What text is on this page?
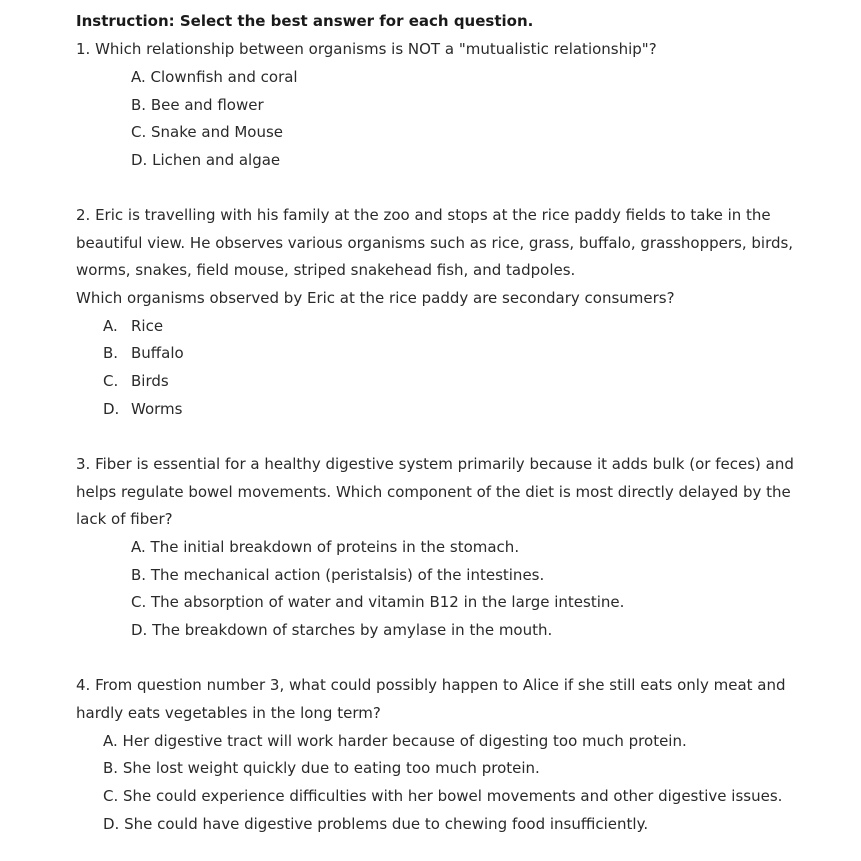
Instruction: Select the best answer for each question.
1. Which relationship between organisms is NOT a "mutualistic relationship"?
A. Clownfish and coral
B. Bee and flower
C. Snake and Mouse
D. Lichen and algae
2. Eric is travelling with his family at the zoo and stops at the rice paddy fields to take in the
beautiful view. He observes various organisms such as rice, grass, buffalo, grasshoppers, birds,
worms, snakes, field mouse, striped snakehead fish, and tadpoles.
Which organisms observed by Eric at the rice paddy are secondary consumers?
A. Rice
B. Buffalo
C. Birds
D. Worms
3. Fiber is essential for a healthy digestive system primarily because it adds bulk (or feces) and
helps regulate bowel movements. Which component of the diet is most directly delayed by the
lack of fiber?
A. The initial breakdown of proteins in the stomach.
B. The mechanical action (peristalsis) of the intestines.
C. The absorption of water and vitamin B12 in the large intestine.
D. The breakdown of starches by amylase in the mouth.
4. From question number 3, what could possibly happen to Alice if she still eats only meat and
hardly eats vegetables in the long term?
A. Her digestive tract will work harder because of digesting too much protein.
B. She lost weight quickly due to eating too much protein.
C. She could experience difficulties with her bowel movements and other digestive issues.
D. She could have digestive problems due to chewing food insufficiently.
